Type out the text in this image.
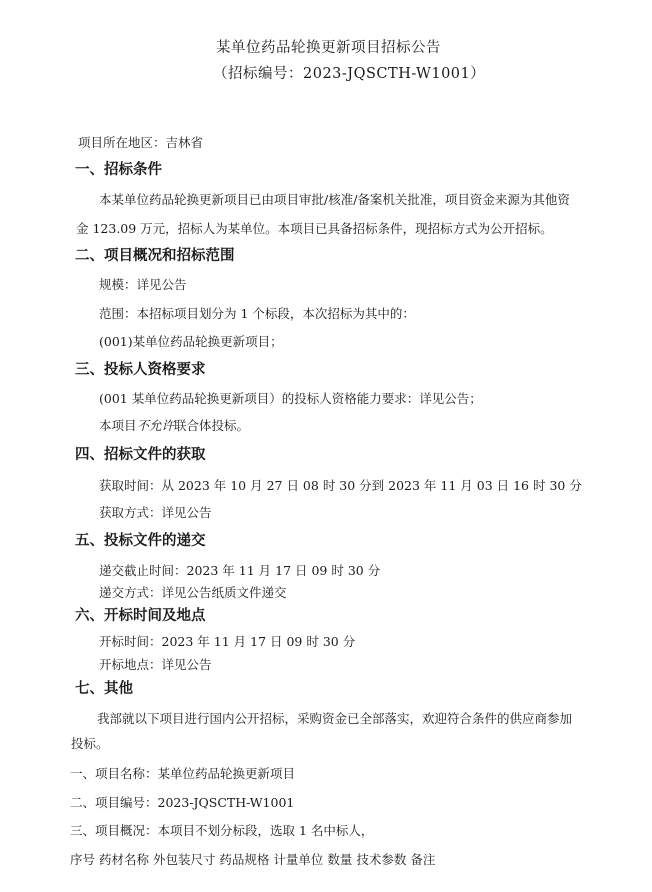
某单位药品轮换更新项目招标公告
（招标编号：2023-JQSCTH-W1001）
项目所在地区：吉林省
一、招标条件
本某单位药品轮换更新项目已由项目审批/核准/备案机关批准，项目资金来源为其他资
金 123.09 万元，招标人为某单位。本项目已具备招标条件，现招标方式为公开招标。
二、项目概况和招标范围
规模：详见公告
范围：本招标项目划分为 1 个标段，本次招标为其中的：
(001)某单位药品轮换更新项目；
三、投标人资格要求
(001 某单位药品轮换更新项目）的投标人资格能力要求：详见公告；
本项目不允许联合体投标。
四、招标文件的获取
获取时间：从 2023 年 10 月 27 日 08 时 30 分到 2023 年 11 月 03 日 16 时 30 分
获取方式：详见公告
五、投标文件的递交
递交截止时间：2023 年 11 月 17 日 09 时 30 分
递交方式：详见公告纸质文件递交
六、开标时间及地点
开标时间：2023 年 11 月 17 日 09 时 30 分
开标地点：详见公告
七、其他
我部就以下项目进行国内公开招标，采购资金已全部落实，欢迎符合条件的供应商参加
投标。
一、项目名称：某单位药品轮换更新项目
二、项目编号：2023-JQSCTH-W1001
三、项目概况：本项目不划分标段，选取 1 名中标人，
序号 药材名称 外包装尺寸 药品规格 计量单位 数量 技术参数 备注
